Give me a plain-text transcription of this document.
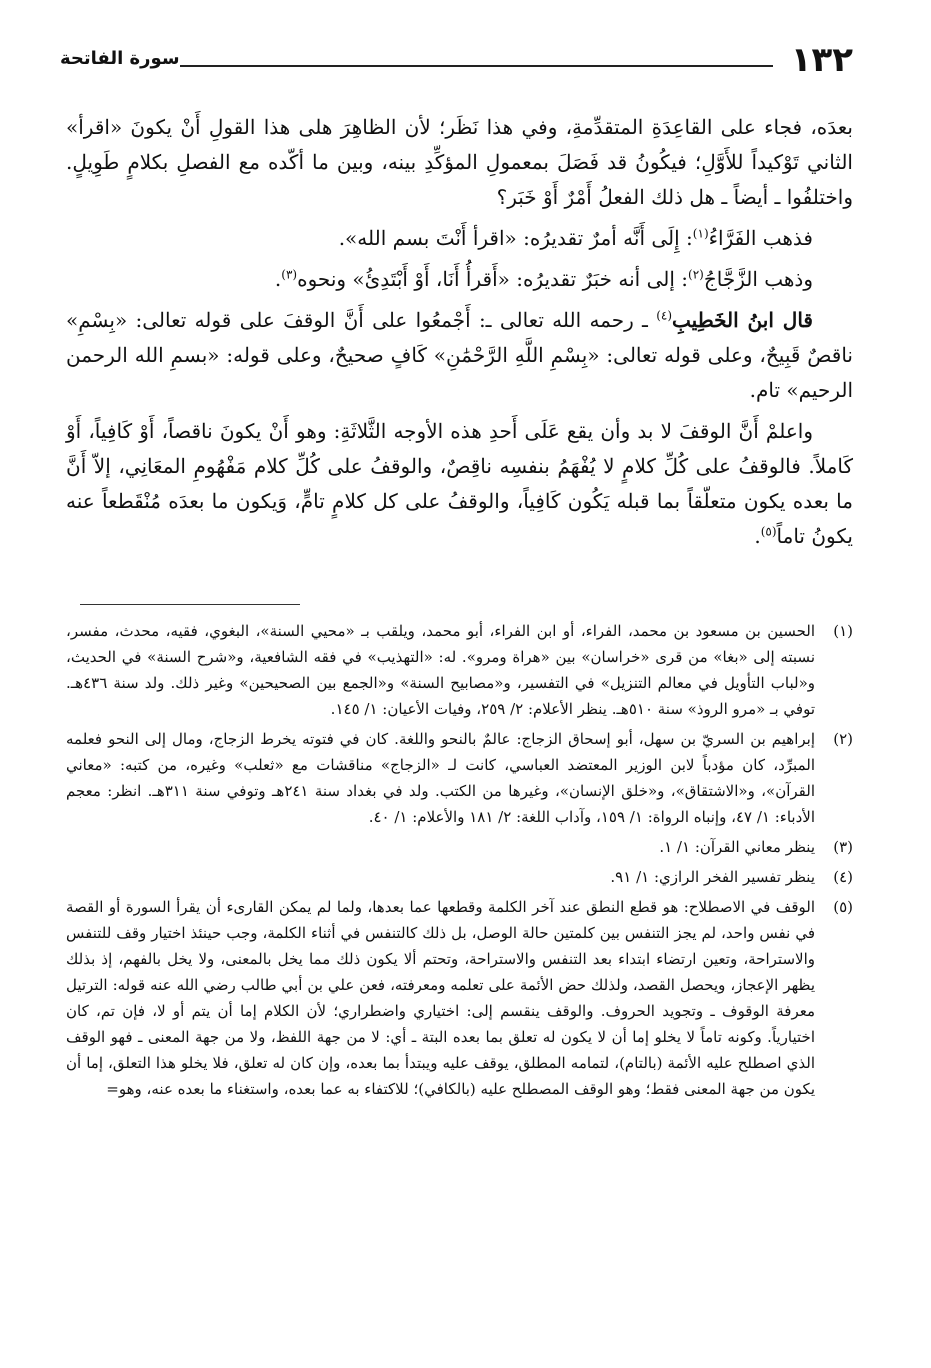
١٣٢
سورة الفاتحة

بعدَه، فجاء على القاعِدَةِ المتقدِّمةِ، وفي هذا نَظَر؛ لأن الظاهِرَ هلى هذا القولِ أَنْ يكونَ «اقرأ» الثاني تَوْكيداً للأَوَّلِ؛ فيكُونُ قد فَصَلَ بمعمولِ المؤكِّدِ بينه، وبين ما أكّده مع الفصلِ بكلامٍ طَوِيلٍ. واختلفُوا ـ أيضاً ـ هل ذلك الفعلُ أَمْرٌ أَوْ خَبَر؟

فذهب الفَرَّاءُ$^{(١)}$: إِلَى أَنَّه أمرٌ تقديرُه: «اقرأ أَنْتَ بسم الله».

وذهب الزَّجَّاجُ$^{(٢)}$: إلى أنه خبَرٌ تقديرُه: «أَقرأُ أَنَا، أَوْ أَبْتَدِئُ» ونحوه$^{(٣)}$.

قال ابنُ الخَطِيبِ$^{(٤)}$ ـ رحمه الله تعالى ـ: أَجْمعُوا على أَنَّ الوقفَ على قوله تعالى: «بِسْمِ» ناقصٌ قَبِيحٌ، وعلى قوله تعالى: «بِسْمِ اللَّهِ الرَّحْمَٰنِ» كَافٍ صحيحٌ، وعلى قوله: «بسمِ الله الرحمن الرحيم» تام.

واعلمْ أَنَّ الوقفَ لا بد وأن يقع عَلَى أَحدِ هذه الأوجه الثَّلاثَةِ: وهو أَنْ يكونَ ناقصاً، أَوْ كَافِياً، أَوْ كَاملاً. فالوقفُ على كُلِّ كلامٍ لا يُفْهَمُ بنفسِه ناقِصٌ، والوقفُ على كُلِّ كلام مَفْهُومِ المعَانِي، إلاّ أَنَّ ما بعده يكون متعلّقاً بما قبله يَكُون كَافِياً، والوقفُ على كل كلامٍ تامٍّ، وَيكون ما بعدَه مُنْقَطعاً عنه يكونُ تاماً$^{(٥)}$.

(١)
الحسين بن مسعود بن محمد، الفراء، أو ابن الفراء، أبو محمد، ويلقب بـ «محيي السنة»، البغوي، فقيه، محدث، مفسر، نسبته إلى «بغا» من قرى «خراسان» بين «هراة ومرو». له: «التهذيب» في فقه الشافعية، و«شرح السنة» في الحديث، و«لباب التأويل في معالم التنزيل» في التفسير، و«مصابيح السنة» و«الجمع بين الصحيحين» وغير ذلك. ولد سنة ٤٣٦هـ. توفي بـ «مرو الروذ» سنة ٥١٠هـ. ينظر الأعلام: ٢/ ٢٥٩، وفيات الأعيان: ١/ ١٤٥.
(٢)
إبراهيم بن السريّ بن سهل، أبو إسحاق الزجاج: عالمٌ بالنحو واللغة. كان في فتوته يخرط الزجاج، ومال إلى النحو فعلمه المبرِّد، كان مؤدباً لابن الوزير المعتضد العباسي، كانت لـ «الزجاج» مناقشات مع «ثعلب» وغيره، من كتبه: «معاني القرآن»، و«الاشتقاق»، و«خلق الإنسان»، وغيرها من الكتب. ولد في بغداد سنة ٢٤١هـ وتوفي سنة ٣١١هـ. انظر: معجم الأدباء: ١/ ٤٧، وإنباه الرواة: ١/ ١٥٩، وآداب اللغة: ٢/ ١٨١ والأعلام: ١/ ٤٠.
(٣)
ينظر معاني القرآن: ١/ ١.
(٤)
ينظر تفسير الفخر الرازي: ١/ ٩١.
(٥)
الوقف في الاصطلاح: هو قطع النطق عند آخر الكلمة وقطعها عما بعدها، ولما لم يمكن القارىء أن يقرأ السورة أو القصة في نفس واحد، لم يجز التنفس بين كلمتين حالة الوصل، بل ذلك كالتنفس في أثناء الكلمة، وجب حينئذ اختيار وقف للتنفس والاستراحة، وتعين ارتضاء ابتداء بعد التنفس والاستراحة، وتحتم ألا يكون ذلك مما يخل بالمعنى، ولا يخل بالفهم، إذ بذلك يظهر الإعجاز، ويحصل القصد، ولذلك حض الأئمة على تعلمه ومعرفته، فعن علي بن أبي طالب رضي الله عنه قوله: الترتيل معرفة الوقوف ـ وتجويد الحروف. والوقف ينقسم إلى: اختياري واضطراري؛ لأن الكلام إما أن يتم أو لا، فإن تم، كان اختيارياً. وكونه تاماً لا يخلو إما أن لا يكون له تعلق بما بعده البتة ـ أي: لا من جهة اللفظ، ولا من جهة المعنى ـ فهو الوقف الذي اصطلح عليه الأئمة (بالتام)، لتمامه المطلق، يوقف عليه ويبتدأ بما بعده، وإن كان له تعلق، فلا يخلو هذا التعلق، إما أن يكون من جهة المعنى فقط؛ وهو الوقف المصطلح عليه (بالكافي)؛ للاكتفاء به عما بعده، واستغناء ما بعده عنه، وهو=
